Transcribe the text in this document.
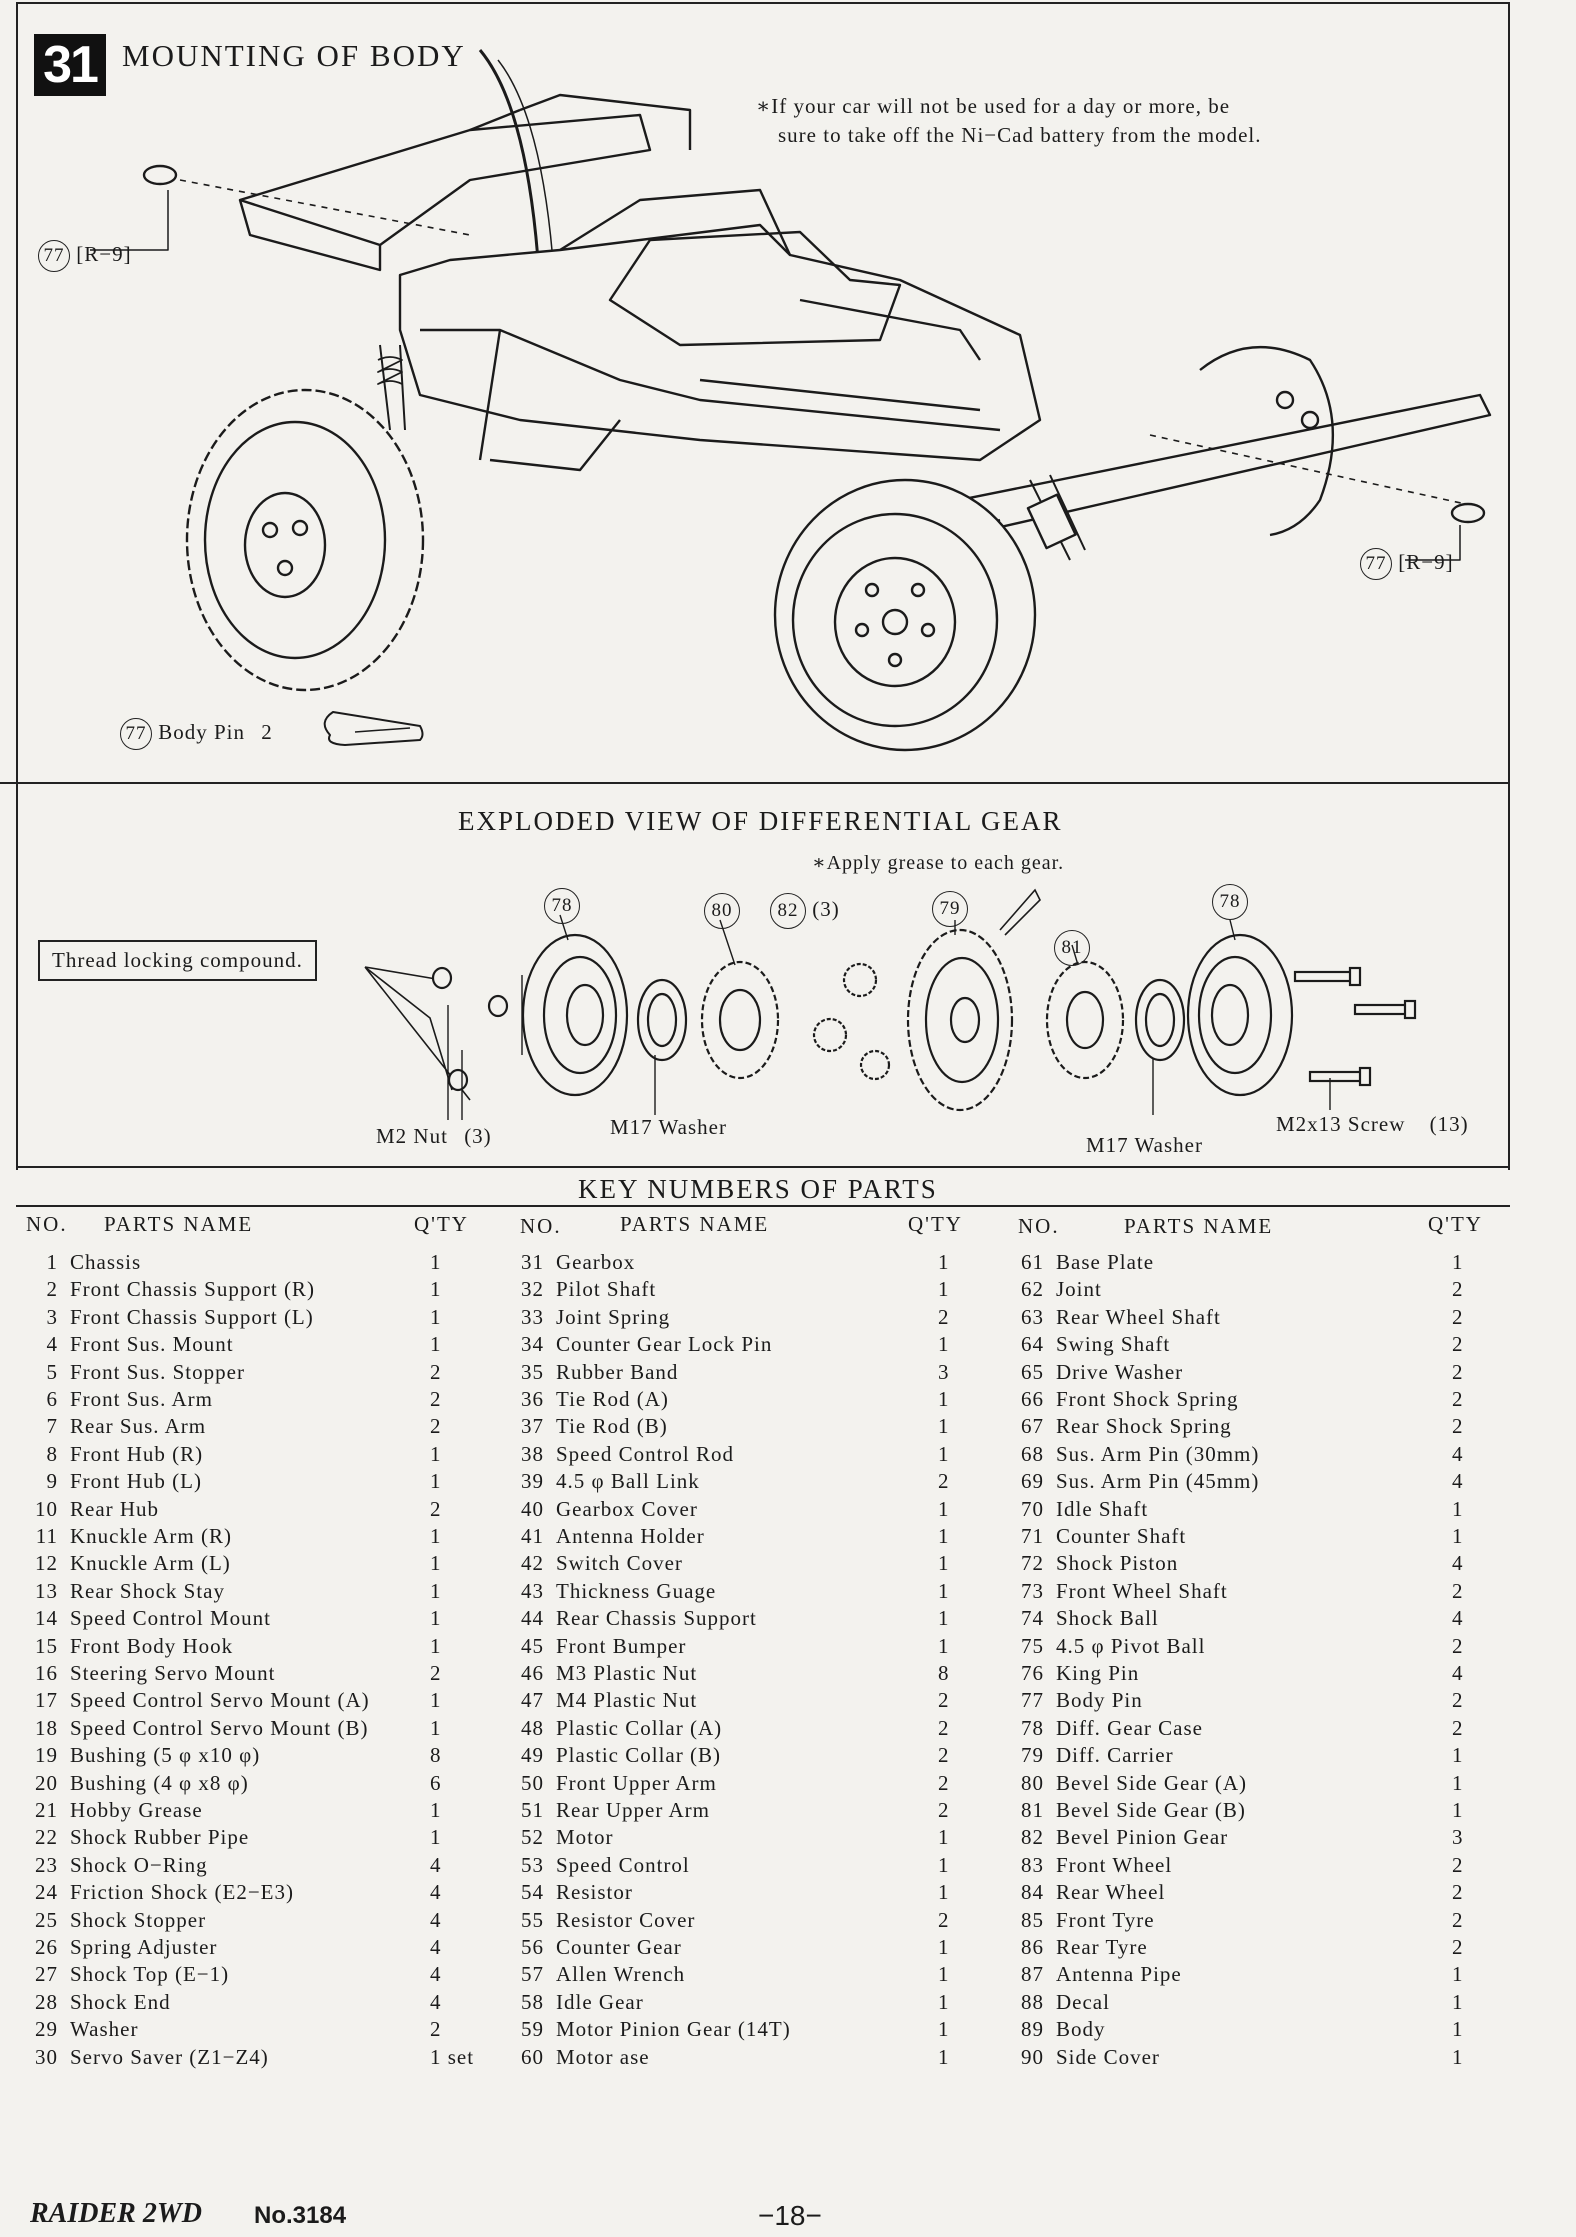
31 MOUNTING OF BODY
∗If your car will not be used for a day or more, be
sure to take off the Ni−Cad battery from the model.
77 [R−9]
77 [R−9]
77 Body Pin 2
EXPLODED VIEW OF DIFFERENTIAL GEAR
∗Apply grease to each gear.
Thread locking compound.
78	80	82 (3)	79
81
78
M2 Nut (3)	M17 Washer
M17 Washer
M2x13 Screw (13)
KEY NUMBERS OF PARTS
NO. PARTS NAME	Q'TY NO.	PARTS NAME	Q'TY	NO.	PARTS NAME	Q'TY
1 Chassis	1
2 Front Chassis Support (R)	1
3 Front Chassis Support (L)	1
4 Front Sus. Mount	1
5 Front Sus. Stopper	2
6 Front Sus. Arm	2
7 Rear Sus. Arm	2
8 Front Hub (R)	1
9 Front Hub (L)	1
10 Rear Hub	2
11 Knuckle Arm (R)	1
12 Knuckle Arm (L)	1
13 Rear Shock Stay	1
14 Speed Control Mount	1
15 Front Body Hook	1
16 Steering Servo Mount	2
17 Speed Control Servo Mount (A)	1
18 Speed Control Servo Mount (B)	1
19 Bushing (5 φ x10 φ)	8
20 Bushing (4 φ x8 φ)	6
21 Hobby Grease	1
22 Shock Rubber Pipe	1
23 Shock O−Ring	4
24 Friction Shock (E2−E3)	4
25 Shock Stopper	4
26 Spring Adjuster	4
27 Shock Top (E−1)	4
28 Shock End	4
29 Washer	2
30 Servo Saver (Z1−Z4)	1 set
31 Gearbox	1
32 Pilot Shaft	1
33 Joint Spring	2
34 Counter Gear Lock Pin	1
35 Rubber Band	3
36 Tie Rod (A)	1
37 Tie Rod (B)	1
38 Speed Control Rod	1
39 4.5 φ Ball Link	2
40 Gearbox Cover	1
41 Antenna Holder	1
42 Switch Cover	1
43 Thickness Guage	1
44 Rear Chassis Support	1
45 Front Bumper	1
46 M3 Plastic Nut	8
47 M4 Plastic Nut	2
48 Plastic Collar (A)	2
49 Plastic Collar (B)	2
50 Front Upper Arm	2
51 Rear Upper Arm	2
52 Motor	1
53 Speed Control	1
54 Resistor	1
55 Resistor Cover	2
56 Counter Gear	1
57 Allen Wrench	1
58 Idle Gear	1
59 Motor Pinion Gear (14T)	1
60 Motor ase	1
61 Base Plate	1
62 Joint	2
63 Rear Wheel Shaft	2
64 Swing Shaft	2
65 Drive Washer	2
66 Front Shock Spring	2
67 Rear Shock Spring	2
68 Sus. Arm Pin (30mm)	4
69 Sus. Arm Pin (45mm)	4
70 Idle Shaft	1
71 Counter Shaft	1
72 Shock Piston	4
73 Front Wheel Shaft	2
74 Shock Ball	4
75 4.5 φ Pivot Ball	2
76 King Pin	4
77 Body Pin	2
78 Diff. Gear Case	2
79 Diff. Carrier	1
80 Bevel Side Gear (A)	1
81 Bevel Side Gear (B)	1
82 Bevel Pinion Gear	3
83 Front Wheel	2
84 Rear Wheel	2
85 Front Tyre	2
86 Rear Tyre	2
87 Antenna Pipe	1
88 Decal	1
89 Body	1
90 Side Cover	1
RAIDER 2WD No.3184	−18−
